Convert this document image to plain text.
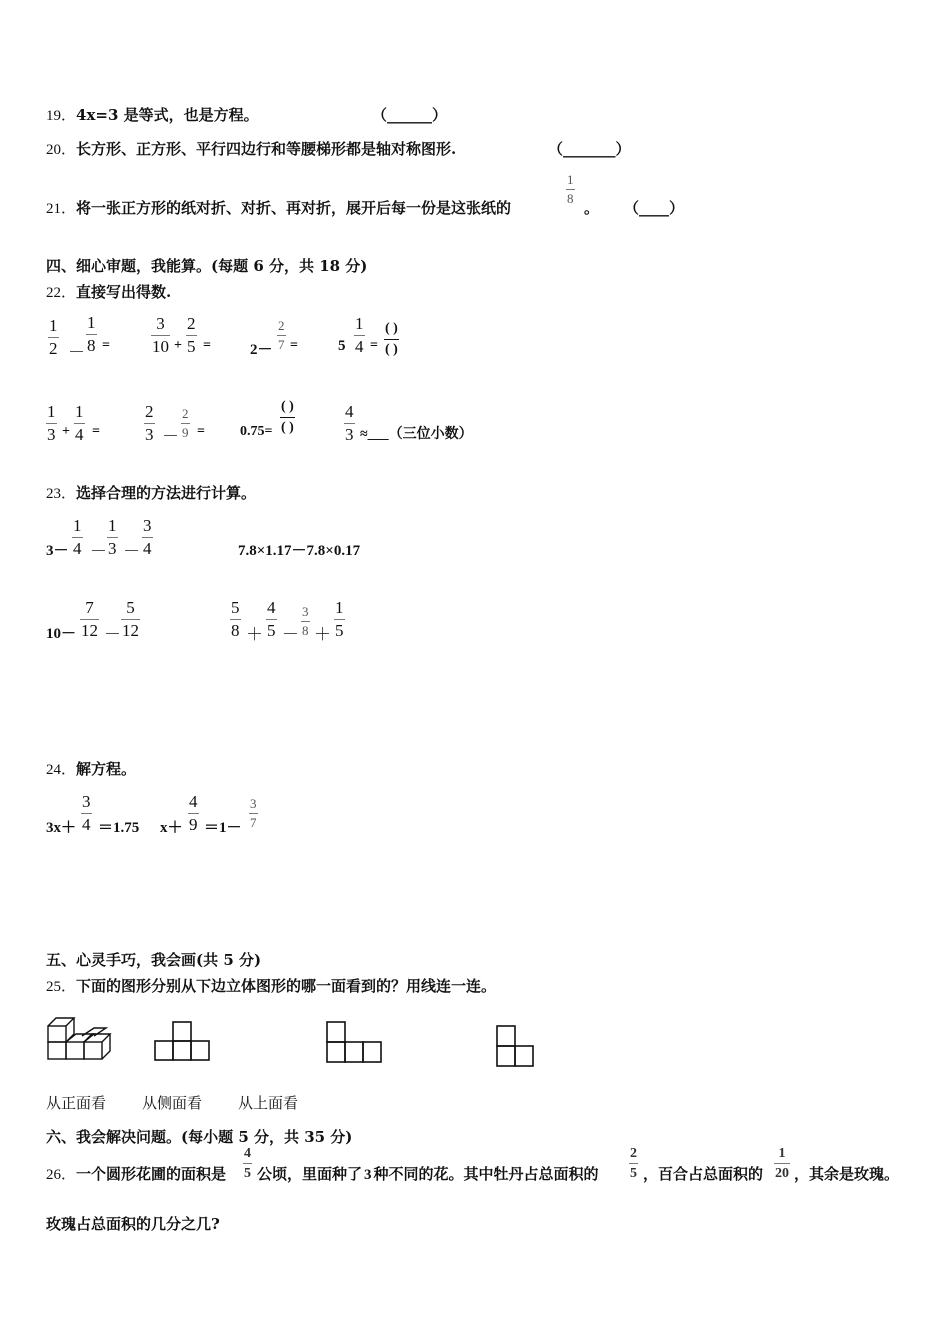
19．4x=3 是等式，也是方程。	（______）
20．长方形、正方形、平行四边行和等腰梯形都是轴对称图形.	（_______）
21．将一张正方形的纸对折、对折、再对折，展开后每一份是这张纸的
1
8
。 （____）
四、细心审题，我能算。(每题 6 分，共 18 分)
22．直接写出得数.
1
2 －
1
8 =
3
10 +
2
5 =	2－
2
7 =	5
1
4 =
( )
( )
1
3 +
1
4 =
2
3 －
2
9 =	0.75=
( )
( )
4
3 ≈___（三位小数）
23．选择合理的方法进行计算。
3－
1
4 －
1
3 －
3
4	7.8×1.17－7.8×0.17
10－
7
12 －
5
12
5
8 ＋
4
5 －
3
8 ＋
1
5
24．解方程。
3x＋
3
4 ＝1.75 x＋
4
9 ＝1－
3
7
五、心灵手巧，我会画(共 5 分)
25．下面的图形分别从下边立体图形的哪一面看到的？用线连一连。
从正面看 从侧面看 从上面看
六、我会解决问题。(每小题 5 分，共 35 分)
26．一个圆形花圃的面积是
4
5 公顷，里面种了 3 种不同的花。其中牡丹占总面积的
2
5 ，百合占总面积的
1
20 ，其余是玫瑰。
玫瑰占总面积的几分之几?
